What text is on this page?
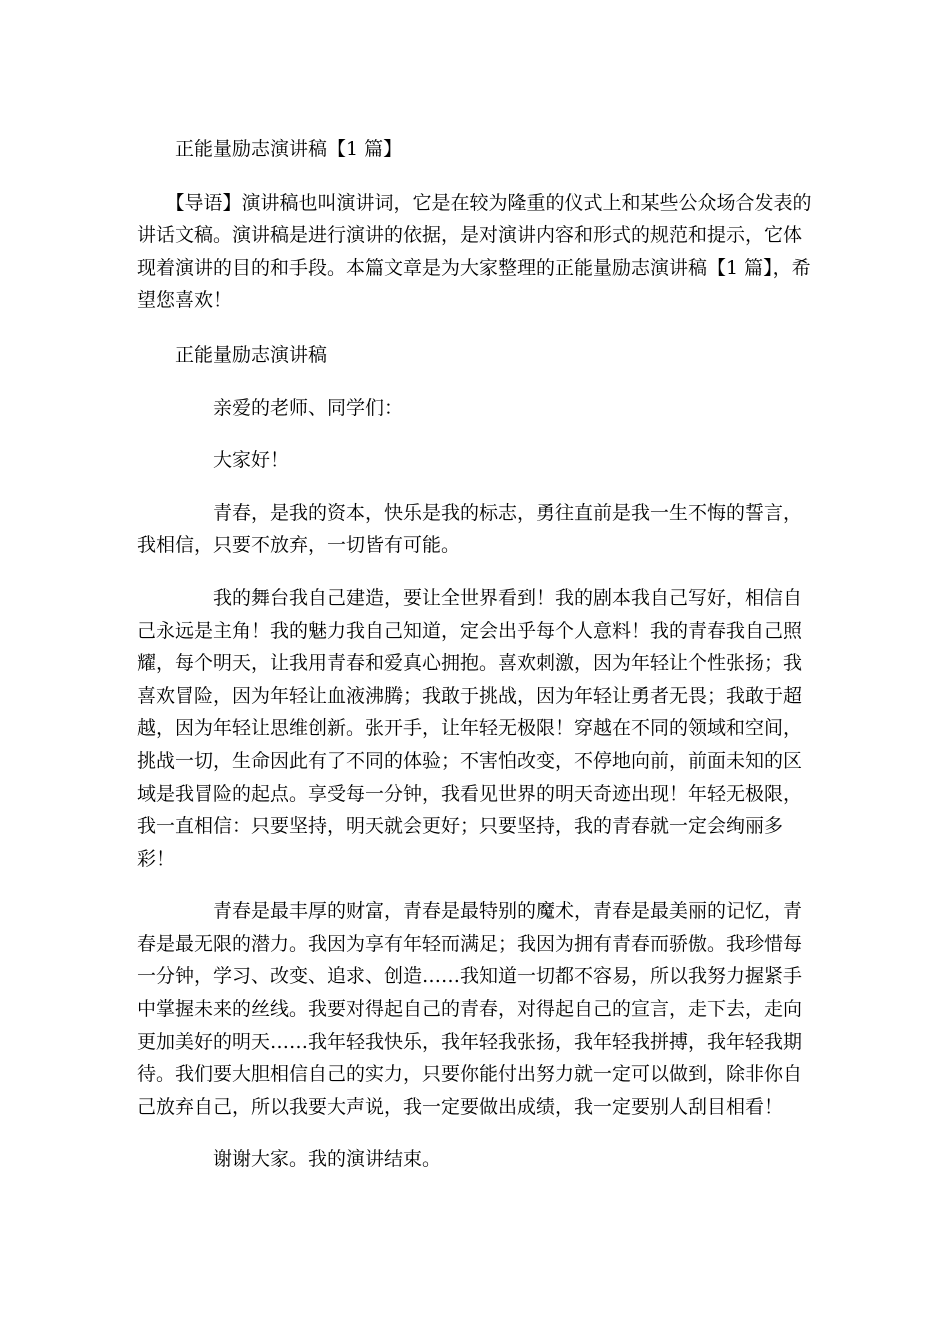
正能量励志演讲稿【1 篇】

　　【导语】演讲稿也叫演讲词，它是在较为隆重的仪式上和某些公众场合发表的讲话文稿。演讲稿是进行演讲的依据，是对演讲内容和形式的规范和提示，它体现着演讲的目的和手段。本篇文章是为大家整理的正能量励志演讲稿【1 篇】，希望您喜欢！

正能量励志演讲稿

亲爱的老师、同学们：

大家好！

　　　　青春，是我的资本，快乐是我的标志，勇往直前是我一生不悔的誓言，我相信，只要不放弃，一切皆有可能。

　　　　我的舞台我自己建造，要让全世界看到！我的剧本我自己写好，相信自己永远是主角！我的魅力我自己知道，定会出乎每个人意料！我的青春我自己照耀，每个明天，让我用青春和爱真心拥抱。喜欢刺激，因为年轻让个性张扬；我喜欢冒险，因为年轻让血液沸腾；我敢于挑战，因为年轻让勇者无畏；我敢于超越，因为年轻让思维创新。张开手，让年轻无极限！穿越在不同的领域和空间，挑战一切，生命因此有了不同的体验；不害怕改变，不停地向前，前面未知的区域是我冒险的起点。享受每一分钟，我看见世界的明天奇迹出现！年轻无极限，我一直相信：只要坚持，明天就会更好；只要坚持，我的青春就一定会绚丽多彩！

　　　　青春是最丰厚的财富，青春是最特别的魔术，青春是最美丽的记忆，青春是最无限的潜力。我因为享有年轻而满足；我因为拥有青春而骄傲。我珍惜每一分钟，学习、改变、追求、创造……我知道一切都不容易，所以我努力握紧手中掌握未来的丝线。我要对得起自己的青春，对得起自己的宣言，走下去，走向更加美好的明天……我年轻我快乐，我年轻我张扬，我年轻我拼搏，我年轻我期待。我们要大胆相信自己的实力，只要你能付出努力就一定可以做到，除非你自己放弃自己，所以我要大声说，我一定要做出成绩，我一定要别人刮目相看！

谢谢大家。我的演讲结束。
